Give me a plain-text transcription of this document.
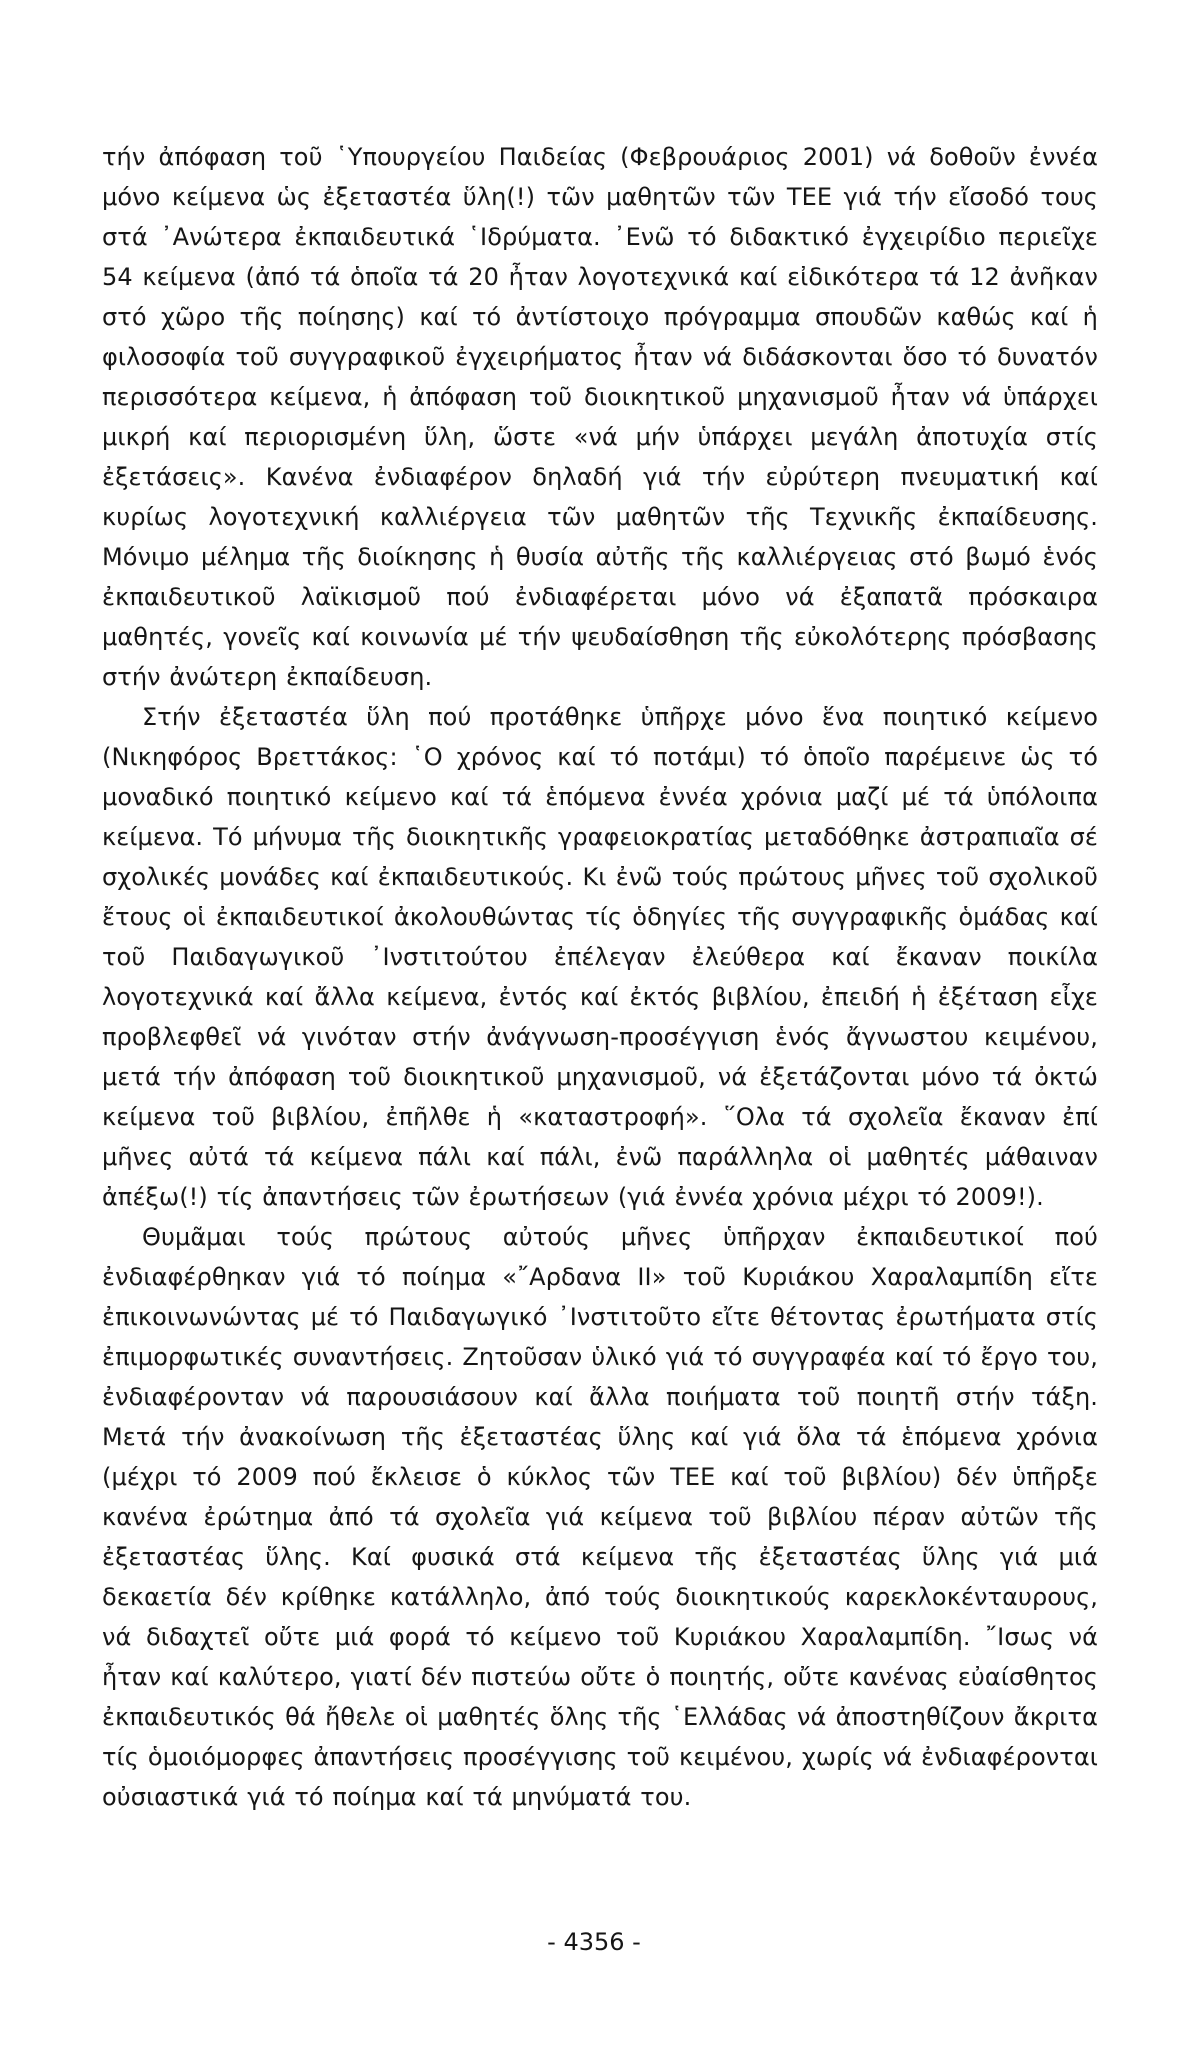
τήν ἀπόφαση τοῦ ῾Υπουργείου Παιδείας (Φεβρουάριος 2001) νά δοθοῦν ἐννέα μόνο κείμενα ὡς ἐξεταστέα ὕλη(!) τῶν μαθητῶν τῶν ΤΕΕ γιά τήν εἴσοδό τους στά ᾿Ανώτερα ἐκπαιδευτικά ῾Ιδρύματα. ᾿Ενῶ τό διδακτικό ἐγχειρίδιο περιεῖχε 54 κείμενα (ἀπό τά ὁποῖα τά 20 ἦταν λογοτεχνικά καί εἰδικότερα τά 12 ἀνῆκαν στό χῶρο τῆς ποίησης) καί τό ἀντίστοιχο πρόγραμμα σπουδῶν καθώς καί ἡ φιλοσοφία τοῦ συγγραφικοῦ ἐγχειρήματος ἦταν νά διδάσκονται ὅσο τό δυνατόν περισσότερα κείμενα, ἡ ἀπόφαση τοῦ διοικητικοῦ μηχανισμοῦ ἦταν νά ὑπάρχει μικρή καί περιορισμένη ὕλη, ὥστε «νά μήν ὑπάρχει μεγάλη ἀποτυχία στίς ἐξετάσεις». Κανένα ἐνδιαφέρον δηλαδή γιά τήν εὐρύτερη πνευματική καί κυρίως λογοτεχνική καλλιέργεια τῶν μαθητῶν τῆς Τεχνικῆς ἐκπαίδευσης. Μόνιμο μέλημα τῆς διοίκησης ἡ θυσία αὐτῆς τῆς καλλιέργειας στό βωμό ἑνός ἐκπαιδευτικοῦ λαϊκισμοῦ πού ἐνδιαφέρεται μόνο νά ἐξαπατᾶ πρόσκαιρα μαθητές, γονεῖς καί κοινωνία μέ τήν ψευδαίσθηση τῆς εὐκολότερης πρόσβασης στήν ἀνώτερη ἐκπαίδευση.

Στήν ἐξεταστέα ὕλη πού προτάθηκε ὑπῆρχε μόνο ἕνα ποιητικό κείμενο (Νικηφόρος Βρεττάκος: ῾Ο χρόνος καί τό ποτάμι) τό ὁποῖο παρέμεινε ὡς τό μοναδικό ποιητικό κείμενο καί τά ἑπόμενα ἐννέα χρόνια μαζί μέ τά ὑπόλοιπα κείμενα. Τό μήνυμα τῆς διοικητικῆς γραφειοκρατίας μεταδόθηκε ἀστραπιαῖα σέ σχολικές μονάδες καί ἐκπαιδευτικούς. Κι ἐνῶ τούς πρώτους μῆνες τοῦ σχολικοῦ ἔτους οἱ ἐκπαιδευτικοί ἀκολουθώντας τίς ὁδηγίες τῆς συγγραφικῆς ὁμάδας καί τοῦ Παιδαγωγικοῦ ᾿Ινστιτούτου ἐπέλεγαν ἐλεύθερα καί ἔκαναν ποικίλα λογοτεχνικά καί ἄλλα κείμενα, ἐντός καί ἐκτός βιβλίου, ἐπειδή ἡ ἐξέταση εἶχε προβλεφθεῖ νά γινόταν στήν ἀνάγνωση-προσέγγιση ἑνός ἄγνωστου κειμένου, μετά τήν ἀπόφαση τοῦ διοικητικοῦ μηχανισμοῦ, νά ἐξετάζονται μόνο τά ὀκτώ κείμενα τοῦ βιβλίου, ἐπῆλθε ἡ «καταστροφή». ῞Ολα τά σχολεῖα ἔκαναν ἐπί μῆνες αὐτά τά κείμενα πάλι καί πάλι, ἐνῶ παράλληλα οἱ μαθητές μάθαιναν ἀπέξω(!) τίς ἀπαντήσεις τῶν ἐρωτήσεων (γιά ἐννέα χρόνια μέχρι τό 2009!).

Θυμᾶμαι τούς πρώτους αὐτούς μῆνες ὑπῆρχαν ἐκπαιδευτικοί πού ἐνδιαφέρθηκαν γιά τό ποίημα «῎Αρδανα ΙΙ» τοῦ Κυριάκου Χαραλαμπίδη εἴτε ἐπικοινωνώντας μέ τό Παιδαγωγικό ᾿Ινστιτοῦτο εἴτε θέτοντας ἐρωτήματα στίς ἐπιμορφωτικές συναντήσεις. Ζητοῦσαν ὑλικό γιά τό συγγραφέα καί τό ἔργο του, ἐνδιαφέρονταν νά παρουσιάσουν καί ἄλλα ποιήματα τοῦ ποιητῆ στήν τάξη. Μετά τήν ἀνακοίνωση τῆς ἐξεταστέας ὕλης καί γιά ὅλα τά ἑπόμενα χρόνια (μέχρι τό 2009 πού ἔκλεισε ὁ κύκλος τῶν ΤΕΕ καί τοῦ βιβλίου) δέν ὑπῆρξε κανένα ἐρώτημα ἀπό τά σχολεῖα γιά κείμενα τοῦ βιβλίου πέραν αὐτῶν τῆς ἐξεταστέας ὕλης. Καί φυσικά στά κείμενα τῆς ἐξεταστέας ὕλης γιά μιά δεκαετία δέν κρίθηκε κατάλληλο, ἀπό τούς διοικητικούς καρεκλοκένταυρους, νά διδαχτεῖ οὔτε μιά φορά τό κείμενο τοῦ Κυριάκου Χαραλαμπίδη. ῎Ισως νά ἦταν καί καλύτερο, γιατί δέν πιστεύω οὔτε ὁ ποιητής, οὔτε κανένας εὐαίσθητος ἐκπαιδευτικός θά ἤθελε οἱ μαθητές ὅλης τῆς ῾Ελλάδας νά ἀποστηθίζουν ἄκριτα τίς ὁμοιόμορφες ἀπαντήσεις προσέγγισης τοῦ κειμένου, χωρίς νά ἐνδιαφέρονται οὐσιαστικά γιά τό ποίημα καί τά μηνύματά του.

- 4356 -
